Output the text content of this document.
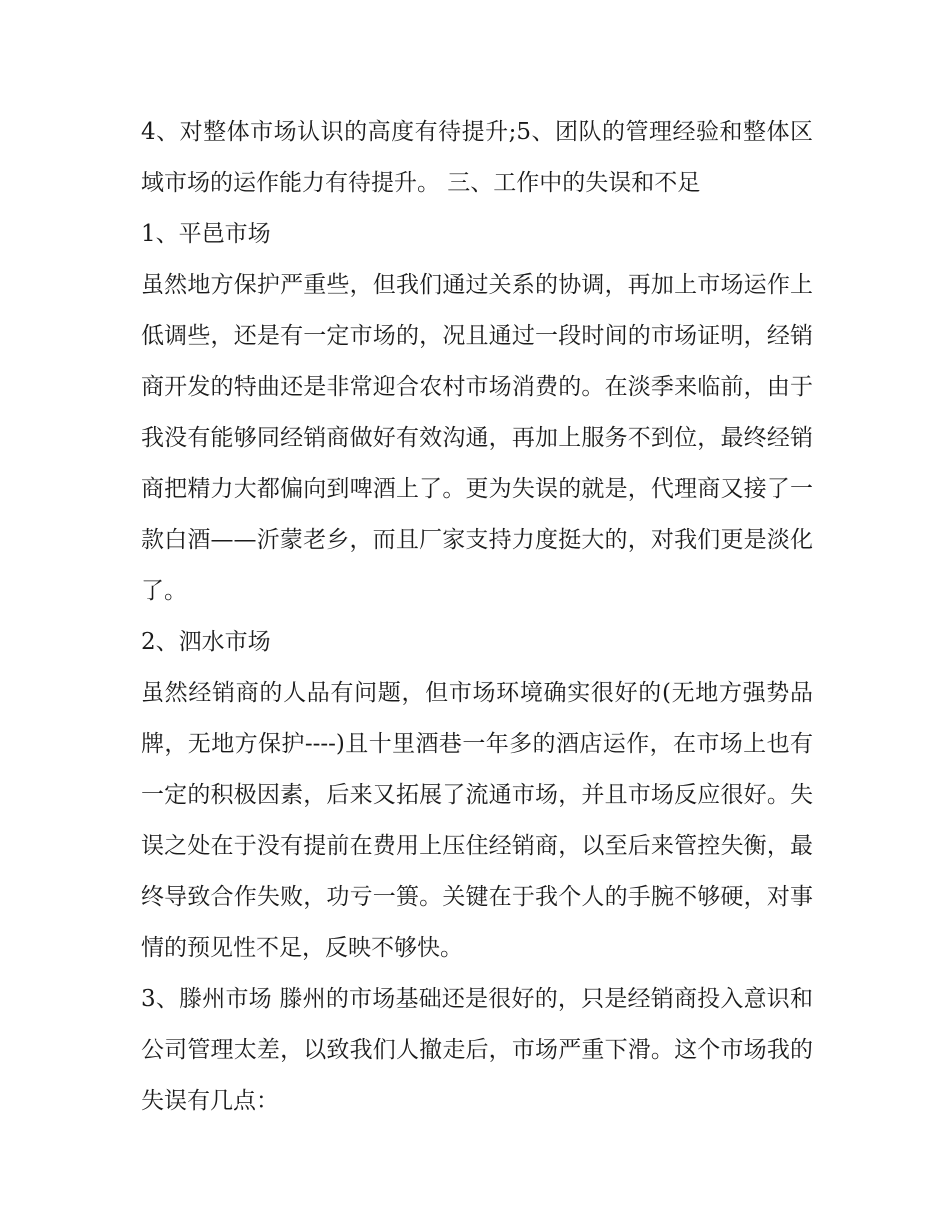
4、对整体市场认识的高度有待提升;5、团队的管理经验和整体区域市场的运作能力有待提升。 三、工作中的失误和不足

1、平邑市场

虽然地方保护严重些，但我们通过关系的协调，再加上市场运作上低调些，还是有一定市场的，况且通过一段时间的市场证明，经销商开发的特曲还是非常迎合农村市场消费的。在淡季来临前，由于我没有能够同经销商做好有效沟通，再加上服务不到位，最终经销商把精力大都偏向到啤酒上了。更为失误的就是，代理商又接了一款白酒——沂蒙老乡，而且厂家支持力度挺大的，对我们更是淡化了。

2、泗水市场

虽然经销商的人品有问题，但市场环境确实很好的(无地方强势品牌，无地方保护----)且十里酒巷一年多的酒店运作，在市场上也有一定的积极因素，后来又拓展了流通市场，并且市场反应很好。失误之处在于没有提前在费用上压住经销商，以至后来管控失衡，最终导致合作失败，功亏一篑。关键在于我个人的手腕不够硬，对事情的预见性不足，反映不够快。

3、滕州市场 滕州的市场基础还是很好的，只是经销商投入意识和公司管理太差，以致我们人撤走后，市场严重下滑。这个市场我的失误有几点：
